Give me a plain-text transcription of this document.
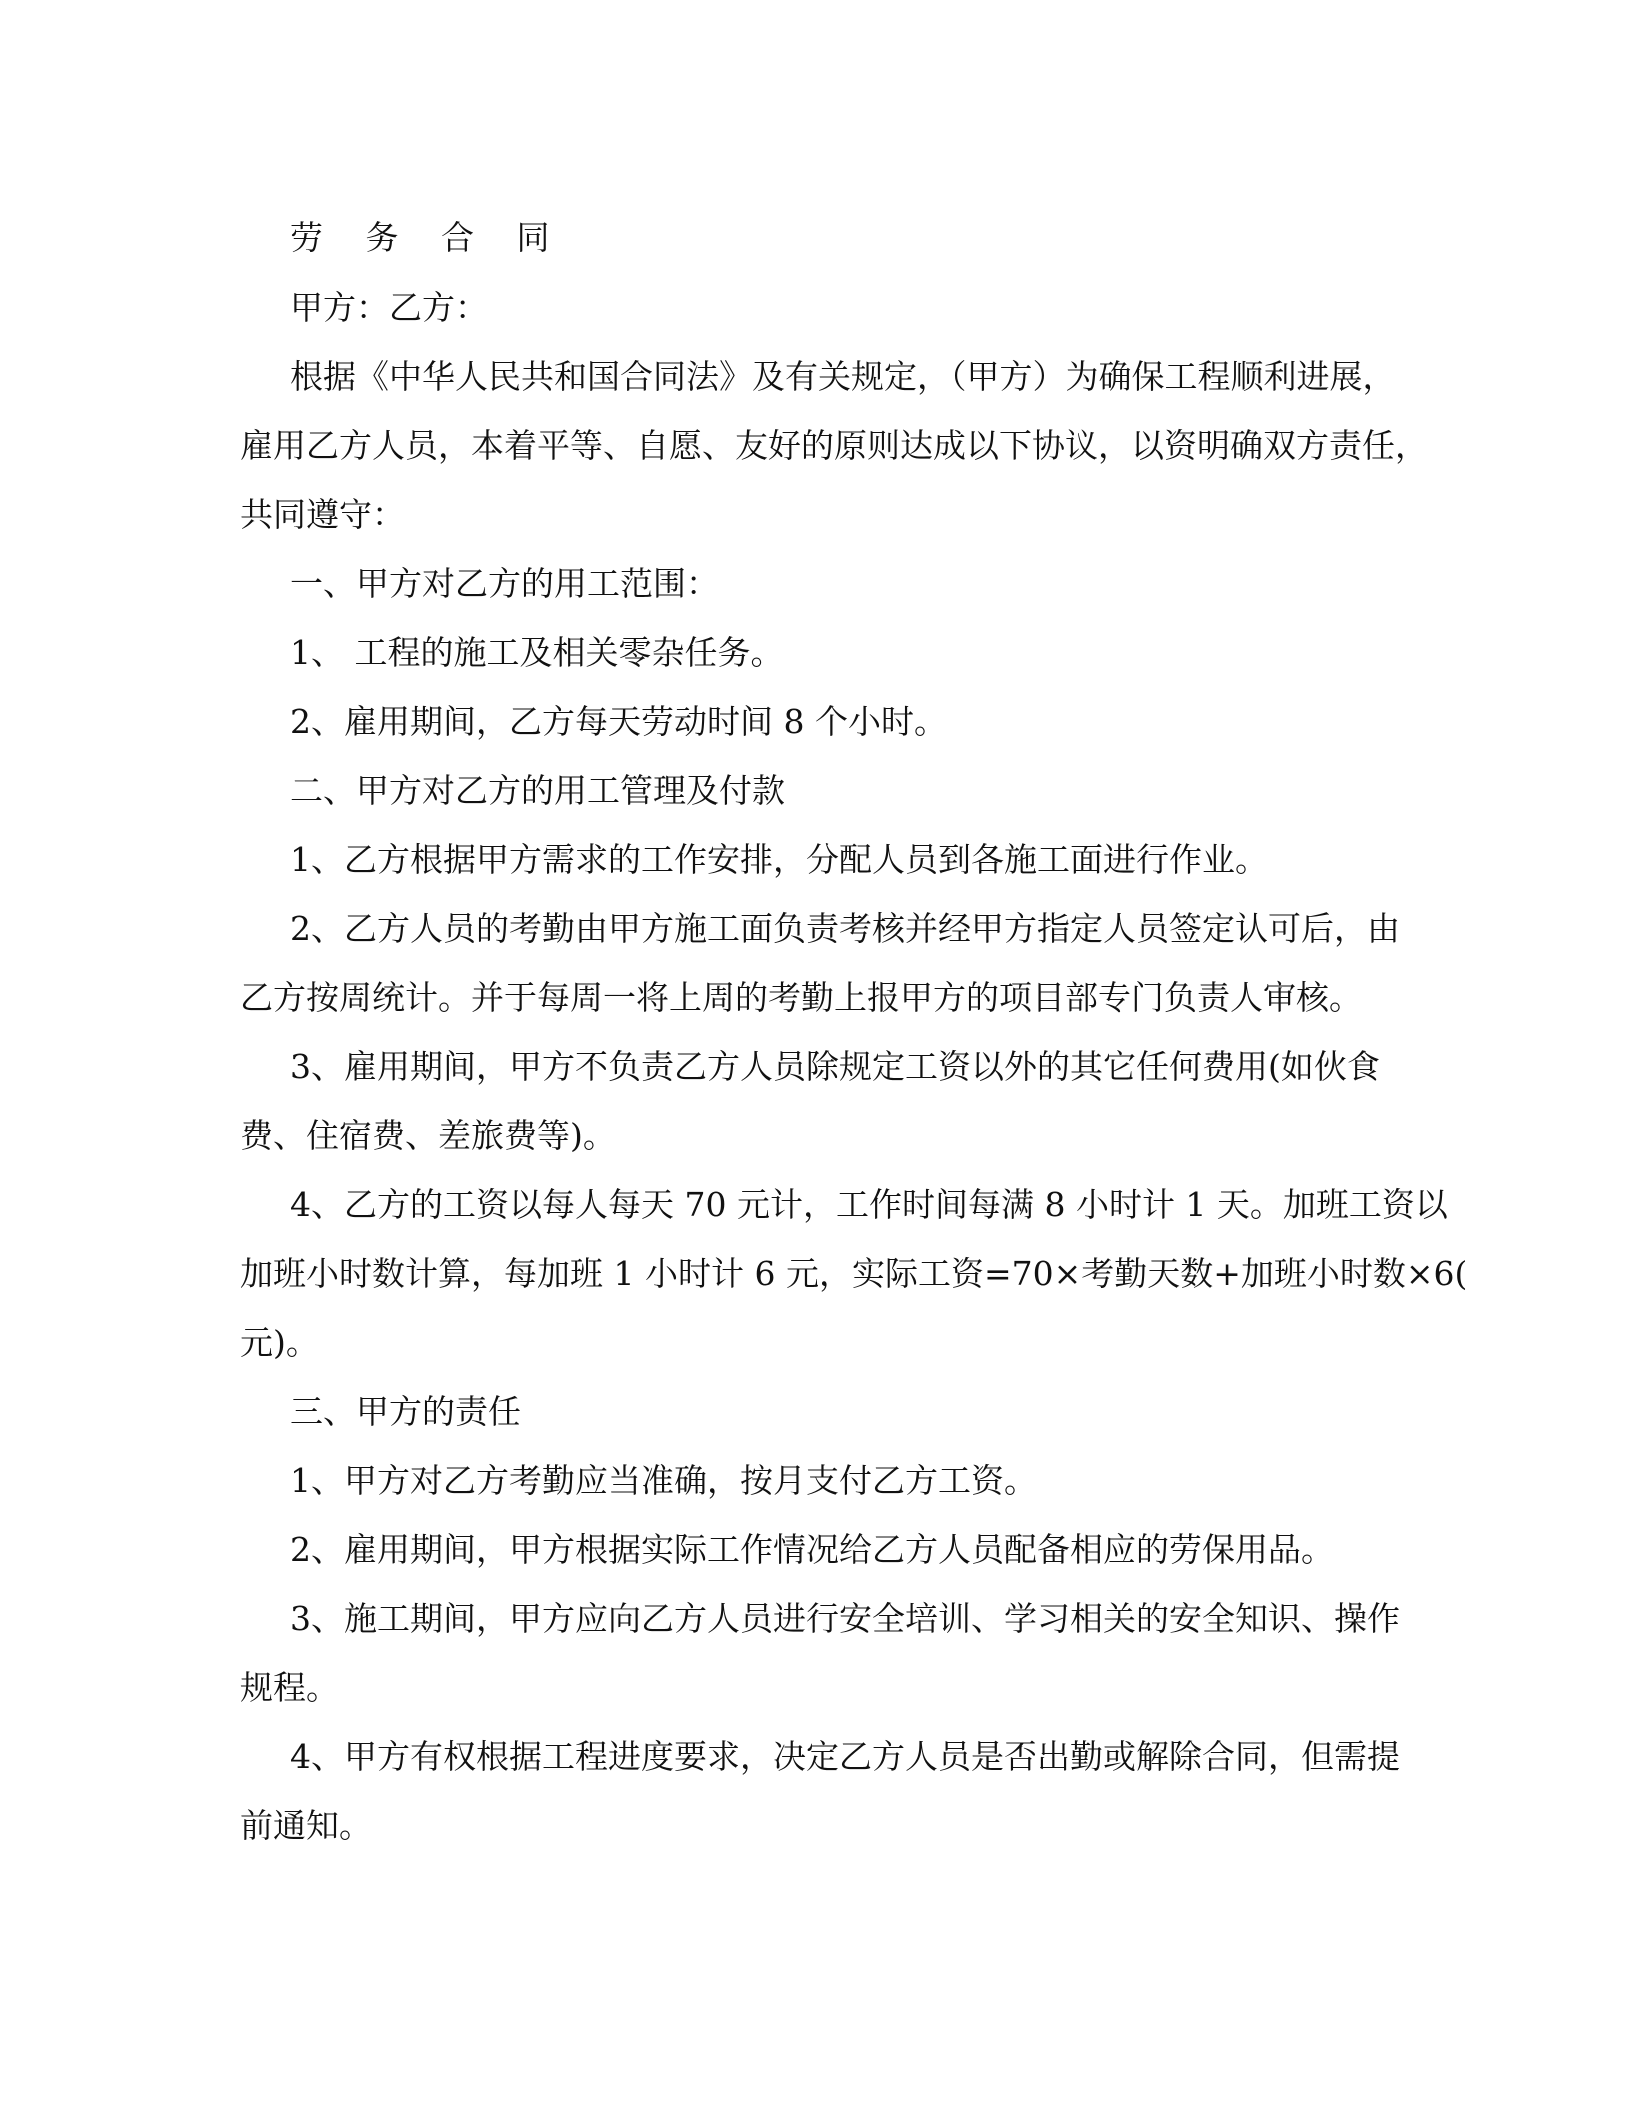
劳 务 合 同

甲方：乙方：

根据《中华人民共和国合同法》及有关规定，（甲方）为确保工程顺利进展，

雇用乙方人员，本着平等、自愿、友好的原则达成以下协议，以资明确双方责任，

共同遵守：

一、甲方对乙方的用工范围：

1、 工程的施工及相关零杂任务。

2、雇用期间，乙方每天劳动时间 8 个小时。

二、甲方对乙方的用工管理及付款

1、乙方根据甲方需求的工作安排，分配人员到各施工面进行作业。

2、乙方人员的考勤由甲方施工面负责考核并经甲方指定人员签定认可后，由

乙方按周统计。并于每周一将上周的考勤上报甲方的项目部专门负责人审核。

3、雇用期间，甲方不负责乙方人员除规定工资以外的其它任何费用(如伙食

费、住宿费、差旅费等)。

4、乙方的工资以每人每天 70 元计，工作时间每满 8 小时计 1 天。加班工资以

加班小时数计算，每加班 1 小时计 6 元，实际工资=70×考勤天数+加班小时数×6(

元)。

三、甲方的责任

1、甲方对乙方考勤应当准确，按月支付乙方工资。

2、雇用期间，甲方根据实际工作情况给乙方人员配备相应的劳保用品。

3、施工期间，甲方应向乙方人员进行安全培训、学习相关的安全知识、操作

规程。

4、甲方有权根据工程进度要求，决定乙方人员是否出勤或解除合同，但需提

前通知。
